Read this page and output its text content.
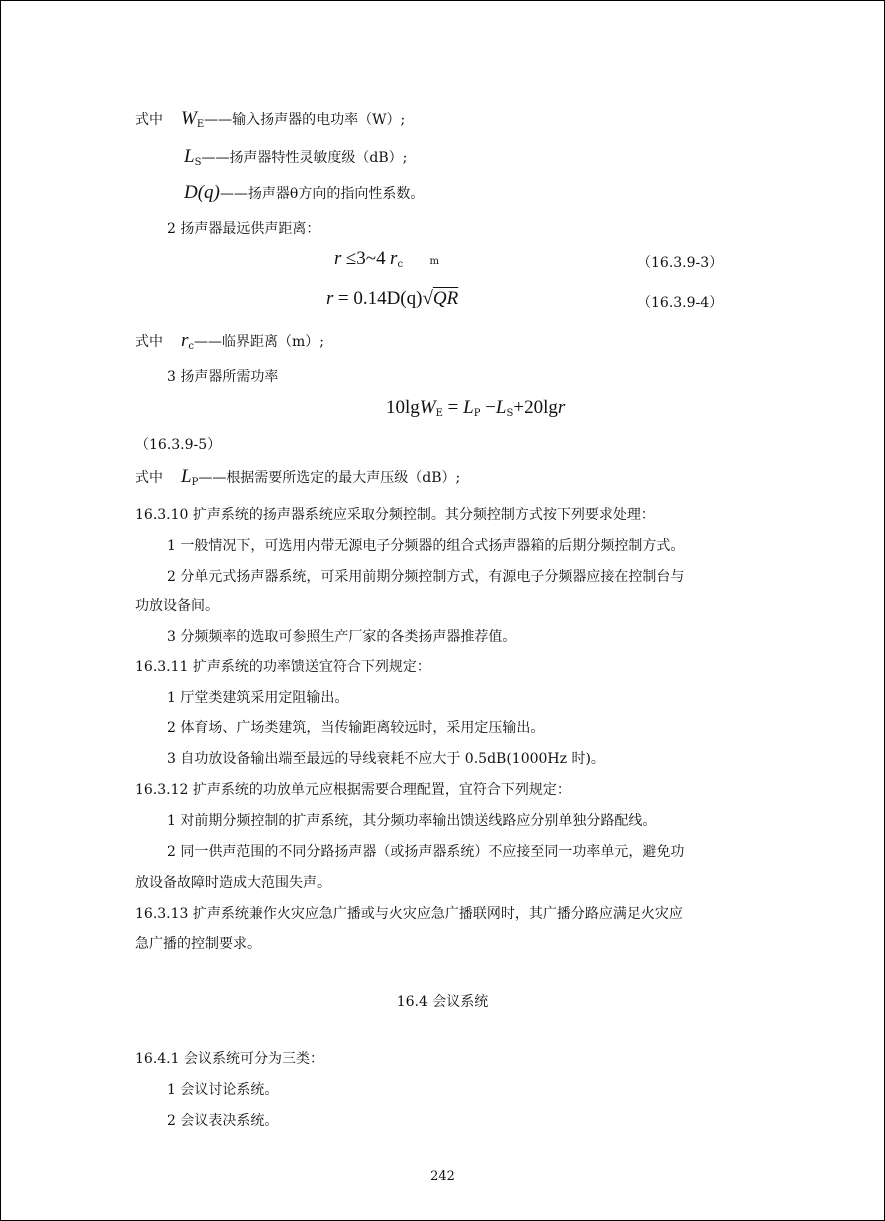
式中 $W_E——$输入扬声器的电功率（W）;
$L_S——$扬声器特性灵敏度级（dB）;
D(q)——扬声器θ方向的指向性系数。
2 扬声器最远供声距离：
r ≤3~4 $r_c$	m	（16.3.9-3）
r = 0.14D(q)√QR	（16.3.9-4）
式中 $r_c——$临界距离（m）;
3 扬声器所需功率
$10\lg W_E = L_P -L_S+20\lg r$
（16.3.9-5）
式中 $L_P——$根据需要所选定的最大声压级（dB）;
16.3.10 扩声系统的扬声器系统应采取分频控制。其分频控制方式按下列要求处理：
1 一般情况下，可选用内带无源电子分频器的组合式扬声器箱的后期分频控制方式。
2 分单元式扬声器系统，可采用前期分频控制方式，有源电子分频器应接在控制台与
功放设备间。
3 分频频率的选取可参照生产厂家的各类扬声器推荐值。
16.3.11 扩声系统的功率馈送宜符合下列规定：
1 厅堂类建筑采用定阻输出。
2 体育场、广场类建筑，当传输距离较远时，采用定压输出。
3 自功放设备输出端至最远的导线衰耗不应大于 0.5dB(1000Hz 时)。
16.3.12 扩声系统的功放单元应根据需要合理配置，宜符合下列规定：
1 对前期分频控制的扩声系统，其分频功率输出馈送线路应分别单独分路配线。
2 同一供声范围的不同分路扬声器（或扬声器系统）不应接至同一功率单元，避免功
放设备故障时造成大范围失声。
16.3.13 扩声系统兼作火灾应急广播或与火灾应急广播联网时，其广播分路应满足火灾应
急广播的控制要求。
16.4 会议系统
16.4.1 会议系统可分为三类：
1 会议讨论系统。
2 会议表决系统。
242
